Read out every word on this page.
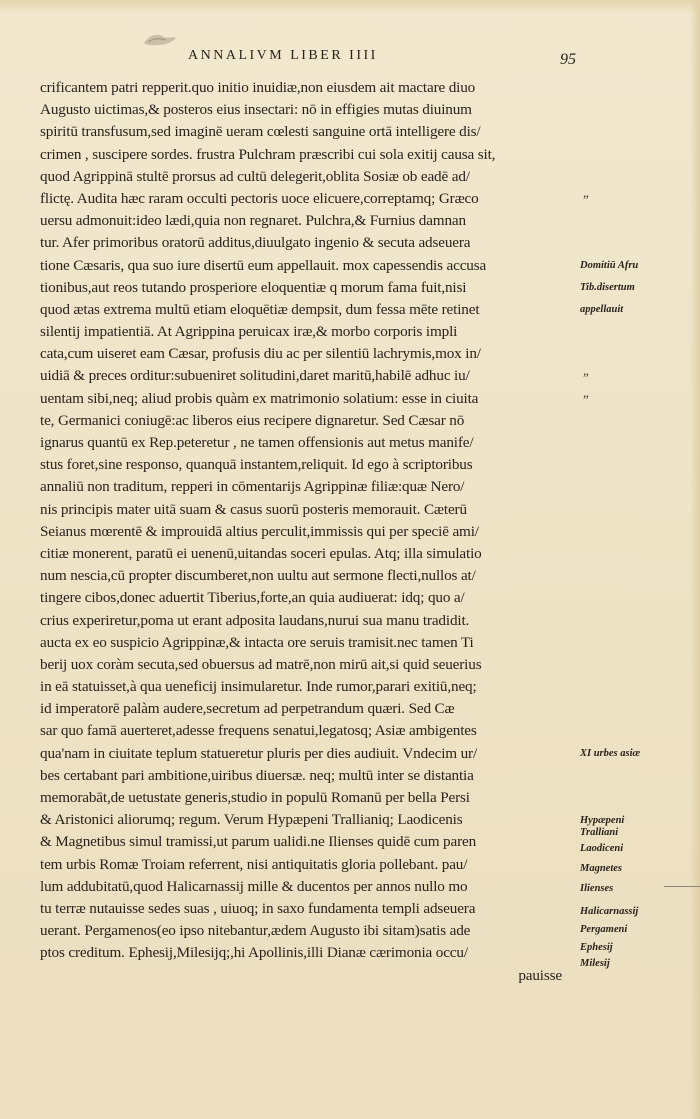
ANNALIVM LIBER IIII	95
crificantem patri repperit.quo initio inuidiæ,non eiusdem ait mactare diuo
Augusto uictimas,& posteros eius insectari: nō in effigies mutas diuinum
spiritū transfusum,sed imaginē ueram cœlesti sanguine ortā intelligere dis/
crimen , suscipere sordes. frustra Pulchram præscribi cui sola exitij causa sit,
quod Agrippinā stultē prorsus ad cultū delegerit,oblita Sosiæ ob eadē ad/
flictę. Audita hæc raram occulti pectoris uoce elicuere,correptamq; Græco
uersu admonuit:ideo lædi,quia non regnaret. Pulchra,& Furnius damnan
tur. Afer primoribus oratorū additus,diuulgato ingenio & secuta adseuera
tione Cæsaris, qua suo iure disertū eum appellauit. mox capessendis accusa
tionibus,aut reos tutando prosperiore eloquentiæ q morum fama fuit,nisi
quod ætas extrema multū etiam eloquētiæ dempsit, dum fessa mēte retinet
silentij impatientiā. At Agrippina peruicax iræ,& morbo corporis impli
cata,cum uiseret eam Cæsar, profusis diu ac per silentiū lachrymis,mox in/
uidiā & preces orditur:subueniret solitudini,daret maritū,habilē adhuc iu/
uentam sibi,neq; aliud probis quàm ex matrimonio solatium: esse in ciuita
te, Germanici coniugē:ac liberos eius recipere dignaretur. Sed Cæsar nō
ignarus quantū ex Rep.peteretur , ne tamen offensionis aut metus manife/
stus foret,sine responso, quanquā instantem,reliquit. Id ego à scriptoribus
annaliū non traditum, repperi in cōmentarijs Agrippinæ filiæ:quæ Nero/
nis principis mater uitā suam & casus suorū posteris memorauit. Cæterū
Seianus mœrentē & improuidā altius perculit,immissis qui per speciē ami/
citiæ monerent, paratū ei uenenū,uitandas soceri epulas. Atq; illa simulatio
num nescia,cū propter discumberet,non uultu aut sermone flecti,nullos at/
tingere cibos,donec aduertit Tiberius,forte,an quia audiuerat: idq; quo a/
crius experiretur,poma ut erant adposita laudans,nurui sua manu tradidit.
aucta ex eo suspicio Agrippinæ,& intacta ore seruis tramisit.nec tamen Ti
berij uox coràm secuta,sed obuersus ad matrē,non mirū ait,si quid seuerius
in eā statuisset,à qua ueneficij insimularetur. Inde rumor,parari exitiū,neq;
id imperatorē palàm audere,secretum ad perpetrandum quæri. Sed Cæ
sar quo famā auerteret,adesse frequens senatui,legatosq; Asiæ ambigentes
qua'nam in ciuitate teplum statueretur pluris per dies audiuit. Vndecim ur/
bes certabant pari ambitione,uiribus diuersæ. neq; multū inter se distantia
memorabāt,de uetustate generis,studio in populū Romanū per bella Persi
& Aristonici aliorumq; regum. Verum Hypæpeni Trallianiq; Laodicenis
& Magnetibus simul tramissi,ut parum ualidi.ne Ilienses quidē cum paren
tem urbis Romæ Troiam referrent, nisi antiquitatis gloria pollebant. pau/
lum addubitatū,quod Halicarnassij mille & ducentos per annos nullo mo
tu terræ nutauisse sedes suas , uiuoq; in saxo fundamenta templi adseuera
uerant. Pergamenos(eo ipso nitebantur,ædem Augusto ibi sitam)satis ade
ptos creditum. Ephesij,Milesijq;,hi Apollinis,illi Dianæ cærimonia occu/
pauisse
”
”
”
Domitiū Afru
Tib.disertum
appellauit
XI urbes asiæ
Hypæpeni
Tralliani
Laodiceni
Magnetes
Ilienses
Halicarnassij
Pergameni
Ephesij
Milesij
